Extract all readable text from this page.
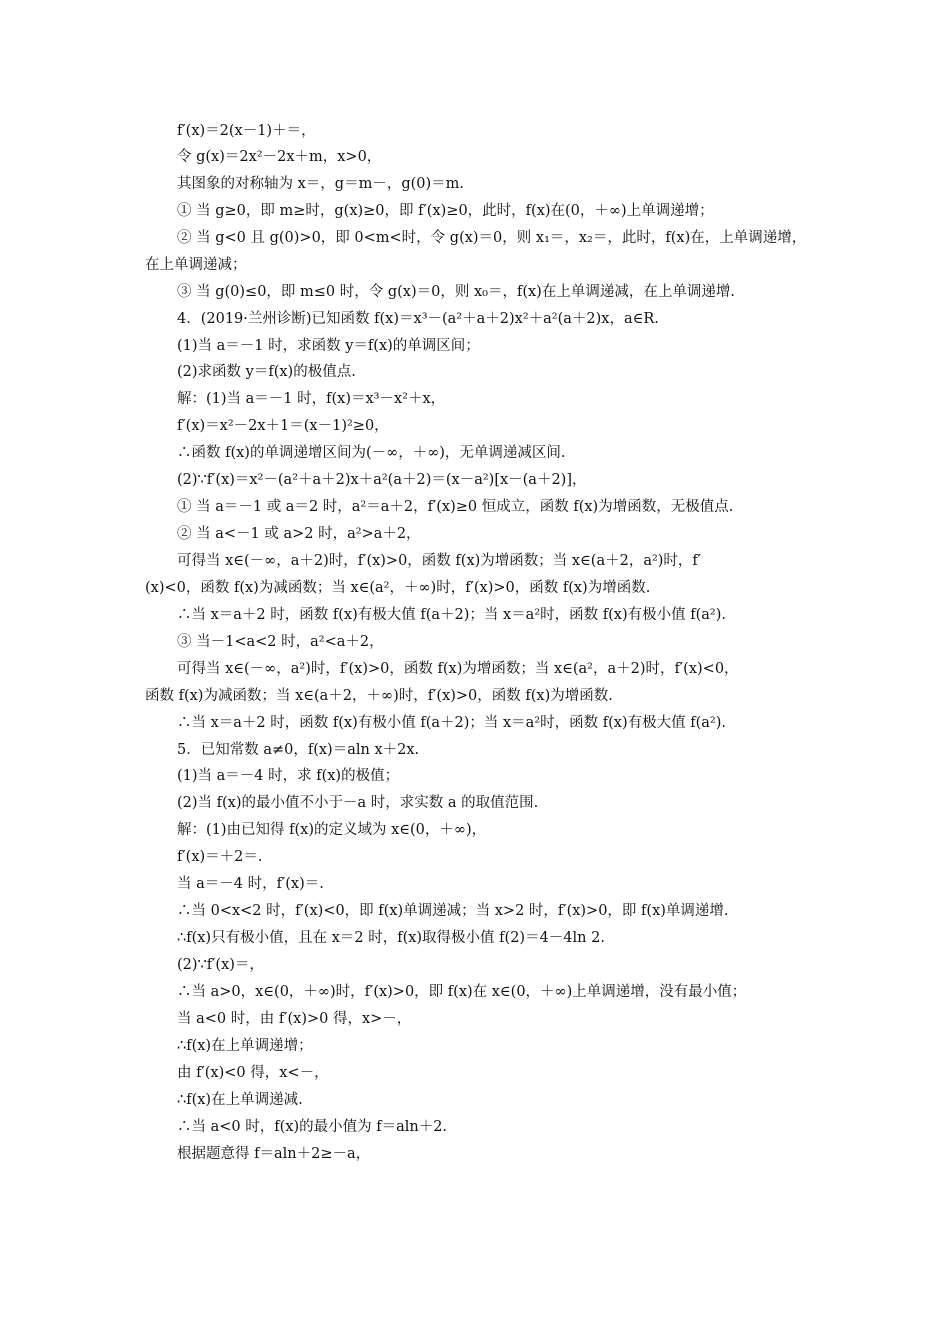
f′(x)＝2(x－1)＋＝，
令 g(x)＝2x²－2x＋m，x>0，
其图象的对称轴为 x＝，g＝m－，g(0)＝m.
① 当 g≥0，即 m≥时，g(x)≥0，即 f′(x)≥0，此时，f(x)在(0，＋∞)上单调递增；
② 当 g<0 且 g(0)>0，即 0<m<时，令 g(x)＝0，则 x₁＝，x₂＝，此时，f(x)在，上单调递增，
在上单调递减；
③ 当 g(0)≤0，即 m≤0 时，令 g(x)＝0，则 x₀＝，f(x)在上单调递减，在上单调递增.
4．(2019·兰州诊断)已知函数 f(x)＝x³－(a²＋a＋2)x²＋a²(a＋2)x，a∈R.
(1)当 a＝－1 时，求函数 y＝f(x)的单调区间；
(2)求函数 y＝f(x)的极值点.
解：(1)当 a＝－1 时，f(x)＝x³－x²＋x，
f′(x)＝x²－2x＋1＝(x－1)²≥0，
∴函数 f(x)的单调递增区间为(－∞，＋∞)，无单调递减区间.
(2)∵f′(x)＝x²－(a²＋a＋2)x＋a²(a＋2)＝(x－a²)[x－(a＋2)]，
① 当 a＝－1 或 a＝2 时，a²＝a＋2，f′(x)≥0 恒成立，函数 f(x)为增函数，无极值点.
② 当 a<－1 或 a>2 时，a²>a＋2，
可得当 x∈(－∞，a＋2)时，f′(x)>0，函数 f(x)为增函数；当 x∈(a＋2，a²)时，f′
(x)<0，函数 f(x)为减函数；当 x∈(a²，＋∞)时，f′(x)>0，函数 f(x)为增函数.
∴当 x＝a＋2 时，函数 f(x)有极大值 f(a＋2)；当 x＝a²时，函数 f(x)有极小值 f(a²).
③ 当－1<a<2 时，a²<a＋2，
可得当 x∈(－∞，a²)时，f′(x)>0，函数 f(x)为增函数；当 x∈(a²，a＋2)时，f′(x)<0，
函数 f(x)为减函数；当 x∈(a＋2，＋∞)时，f′(x)>0，函数 f(x)为增函数.
∴当 x＝a＋2 时，函数 f(x)有极小值 f(a＋2)；当 x＝a²时，函数 f(x)有极大值 f(a²).
5．已知常数 a≠0，f(x)＝aln x＋2x.
(1)当 a＝－4 时，求 f(x)的极值；
(2)当 f(x)的最小值不小于－a 时，求实数 a 的取值范围.
解：(1)由已知得 f(x)的定义域为 x∈(0，＋∞)，
f′(x)＝＋2＝.
当 a＝－4 时，f′(x)＝.
∴当 0<x<2 时，f′(x)<0，即 f(x)单调递减；当 x>2 时，f′(x)>0，即 f(x)单调递增.
∴f(x)只有极小值，且在 x＝2 时，f(x)取得极小值 f(2)＝4－4ln 2.
(2)∵f′(x)＝，
∴当 a>0，x∈(0，＋∞)时，f′(x)>0，即 f(x)在 x∈(0，＋∞)上单调递增，没有最小值；
当 a<0 时，由 f′(x)>0 得，x>－，
∴f(x)在上单调递增；
由 f′(x)<0 得，x<－，
∴f(x)在上单调递减.
∴当 a<0 时，f(x)的最小值为 f＝aln＋2.
根据题意得 f＝aln＋2≥－a，
